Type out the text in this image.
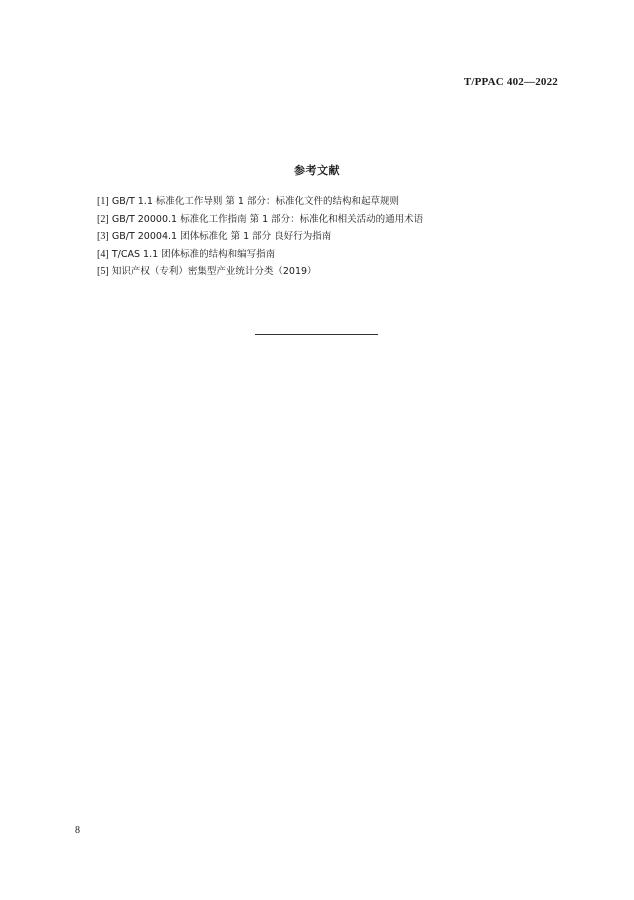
T/PPAC 402—2022
参考文献
[1] GB/T 1.1 标准化工作导则 第 1 部分：标准化文件的结构和起草规则
[2] GB/T 20000.1 标准化工作指南 第 1 部分：标准化和相关活动的通用术语
[3] GB/T 20004.1 团体标准化 第 1 部分 良好行为指南
[4] T/CAS 1.1 团体标准的结构和编写指南
[5] 知识产权（专利）密集型产业统计分类（2019）
8
